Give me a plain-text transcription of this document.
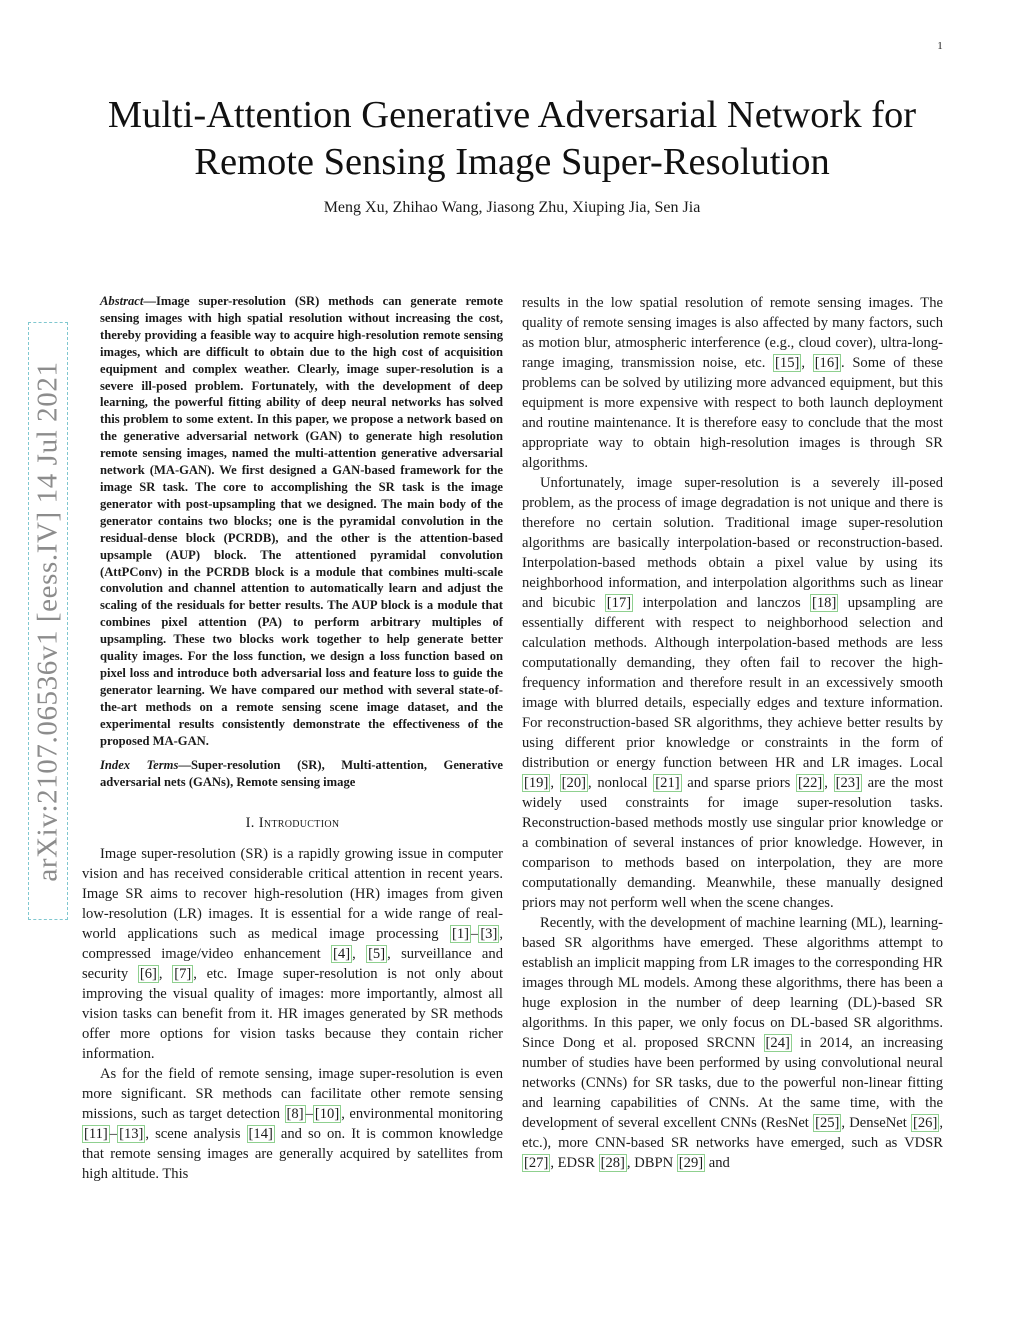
1
arXiv:2107.06536v1 [eess.IV] 14 Jul 2021
Multi-Attention Generative Adversarial Network for
Remote Sensing Image Super-Resolution
Meng Xu, Zhihao Wang, Jiasong Zhu, Xiuping Jia, Sen Jia
Abstract—Image super-resolution (SR) methods can generate remote sensing images with high spatial resolution without increasing the cost, thereby providing a feasible way to acquire high-resolution remote sensing images, which are difficult to obtain due to the high cost of acquisition equipment and complex weather. Clearly, image super-resolution is a severe ill-posed problem. Fortunately, with the development of deep learning, the powerful fitting ability of deep neural networks has solved this problem to some extent. In this paper, we propose a network based on the generative adversarial network (GAN) to generate high resolution remote sensing images, named the multi-attention generative adversarial network (MA-GAN). We first designed a GAN-based framework for the image SR task. The core to accomplishing the SR task is the image generator with post-upsampling that we designed. The main body of the generator contains two blocks; one is the pyramidal convolution in the residual-dense block (PCRDB), and the other is the attention-based upsample (AUP) block. The attentioned pyramidal convolution (AttPConv) in the PCRDB block is a module that combines multi-scale convolution and channel attention to automatically learn and adjust the scaling of the residuals for better results. The AUP block is a module that combines pixel attention (PA) to perform arbitrary multiples of upsampling. These two blocks work together to help generate better quality images. For the loss function, we design a loss function based on pixel loss and introduce both adversarial loss and feature loss to guide the generator learning. We have compared our method with several state-of-the-art methods on a remote sensing scene image dataset, and the experimental results consistently demonstrate the effectiveness of the proposed MA-GAN.
Index Terms—Super-resolution (SR), Multi-attention, Generative adversarial nets (GANs), Remote sensing image
I. Introduction

Image super-resolution (SR) is a rapidly growing issue in computer vision and has received considerable critical attention in recent years. Image SR aims to recover high-resolution (HR) images from given low-resolution (LR) images. It is essential for a wide range of real-world applications such as medical image processing [1] – [3] , compressed image/video enhancement [4] , [5] , surveillance and security [6] , [7] , etc. Image super-resolution is not only about improving the visual quality of images: more importantly, almost all vision tasks can benefit from it. HR images generated by SR methods offer more options for vision tasks because they contain richer information.

As for the field of remote sensing, image super-resolution is even more significant. SR methods can facilitate other remote sensing missions, such as target detection [8] – [10] , environmental monitoring [11] – [13] , scene analysis [14] and so on. It is common knowledge that remote sensing images are generally acquired by satellites from high altitude. This

results in the low spatial resolution of remote sensing images. The quality of remote sensing images is also affected by many factors, such as motion blur, atmospheric interference (e.g., cloud cover), ultra-long-range imaging, transmission noise, etc. [15] , [16] . Some of these problems can be solved by utilizing more advanced equipment, but this equipment is more expensive with respect to both launch deployment and routine maintenance. It is therefore easy to conclude that the most appropriate way to obtain high-resolution images is through SR algorithms.

Unfortunately, image super-resolution is a severely ill-posed problem, as the process of image degradation is not unique and there is therefore no certain solution. Traditional image super-resolution algorithms are basically interpolation-based or reconstruction-based. Interpolation-based methods obtain a pixel value by using its neighborhood information, and interpolation algorithms such as linear and bicubic [17] interpolation and lanczos [18] upsampling are essentially different with respect to neighborhood selection and calculation methods. Although interpolation-based methods are less computationally demanding, they often fail to recover the high-frequency information and therefore result in an excessively smooth image with blurred details, especially edges and texture information. For reconstruction-based SR algorithms, they achieve better results by using different prior knowledge or constraints in the form of distribution or energy function between HR and LR images. Local [19] , [20] , nonlocal [21] and sparse priors [22] , [23] are the most widely used constraints for image super-resolution tasks. Reconstruction-based methods mostly use singular prior knowledge or a combination of several instances of prior knowledge. However, in comparison to methods based on interpolation, they are more computationally demanding. Meanwhile, these manually designed priors may not perform well when the scene changes.

Recently, with the development of machine learning (ML), learning-based SR algorithms have emerged. These algorithms attempt to establish an implicit mapping from LR images to the corresponding HR images through ML models. Among these algorithms, there has been a huge explosion in the number of deep learning (DL)-based SR algorithms. In this paper, we only focus on DL-based SR algorithms. Since Dong et al. proposed SRCNN [24] in 2014, an increasing number of studies have been performed by using convolutional neural networks (CNNs) for SR tasks, due to the powerful non-linear fitting and learning capabilities of CNNs. At the same time, with the development of several excellent CNNs (ResNet [25] , DenseNet [26] , etc.), more CNN-based SR networks have emerged, such as VDSR [27] , EDSR [28] , DBPN [29] and
